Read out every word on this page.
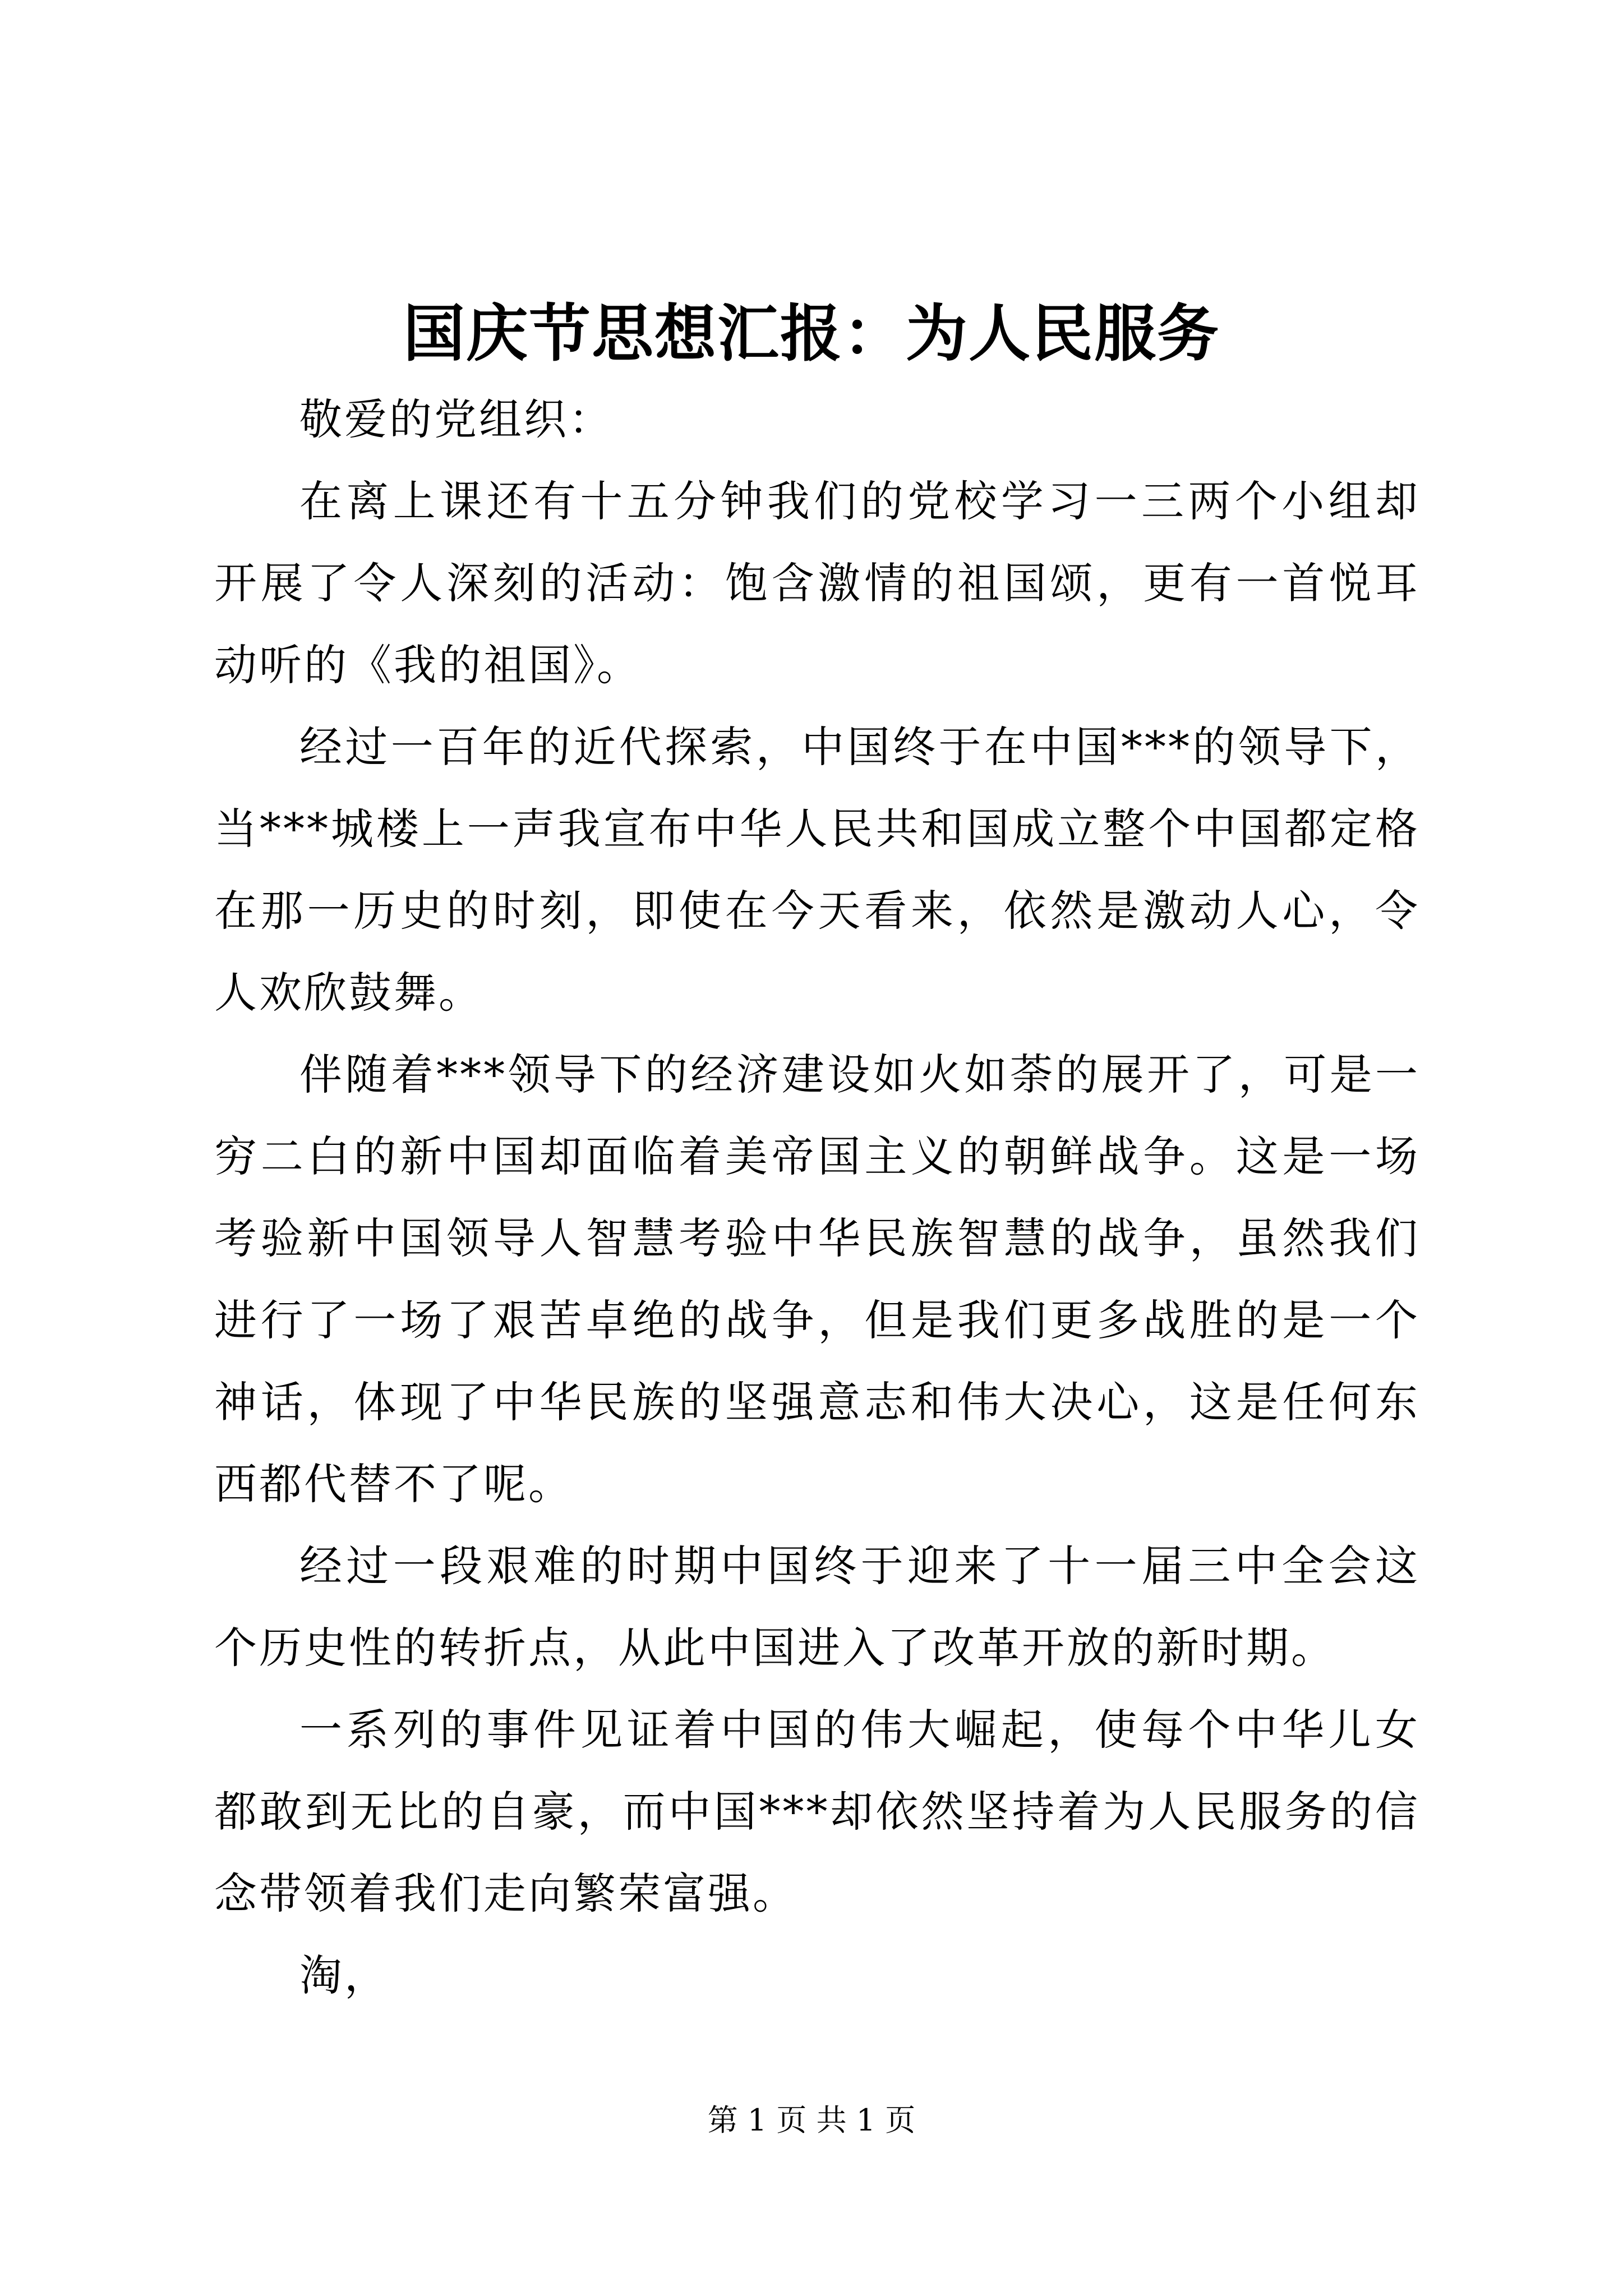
国庆节思想汇报：为人民服务

敬爱的党组织：

在离上课还有十五分钟我们的党校学习一三两个小组却开展了令人深刻的活动：饱含激情的祖国颂，更有一首悦耳动听的《我的祖国》。

经过一百年的近代探索，中国终于在中国***的领导下，当***城楼上一声我宣布中华人民共和国成立整个中国都定格在那一历史的时刻，即使在今天看来，依然是激动人心，令人欢欣鼓舞。

伴随着***领导下的经济建设如火如荼的展开了，可是一穷二白的新中国却面临着美帝国主义的朝鲜战争。这是一场考验新中国领导人智慧考验中华民族智慧的战争，虽然我们进行了一场了艰苦卓绝的战争，但是我们更多战胜的是一个神话，体现了中华民族的坚强意志和伟大决心，这是任何东西都代替不了呢。

经过一段艰难的时期中国终于迎来了十一届三中全会这个历史性的转折点，从此中国进入了改革开放的新时期。

一系列的事件见证着中国的伟大崛起，使每个中华儿女都敢到无比的自豪，而中国***却依然坚持着为人民服务的信念带领着我们走向繁荣富强。

淘，

第 1 页 共 1 页
